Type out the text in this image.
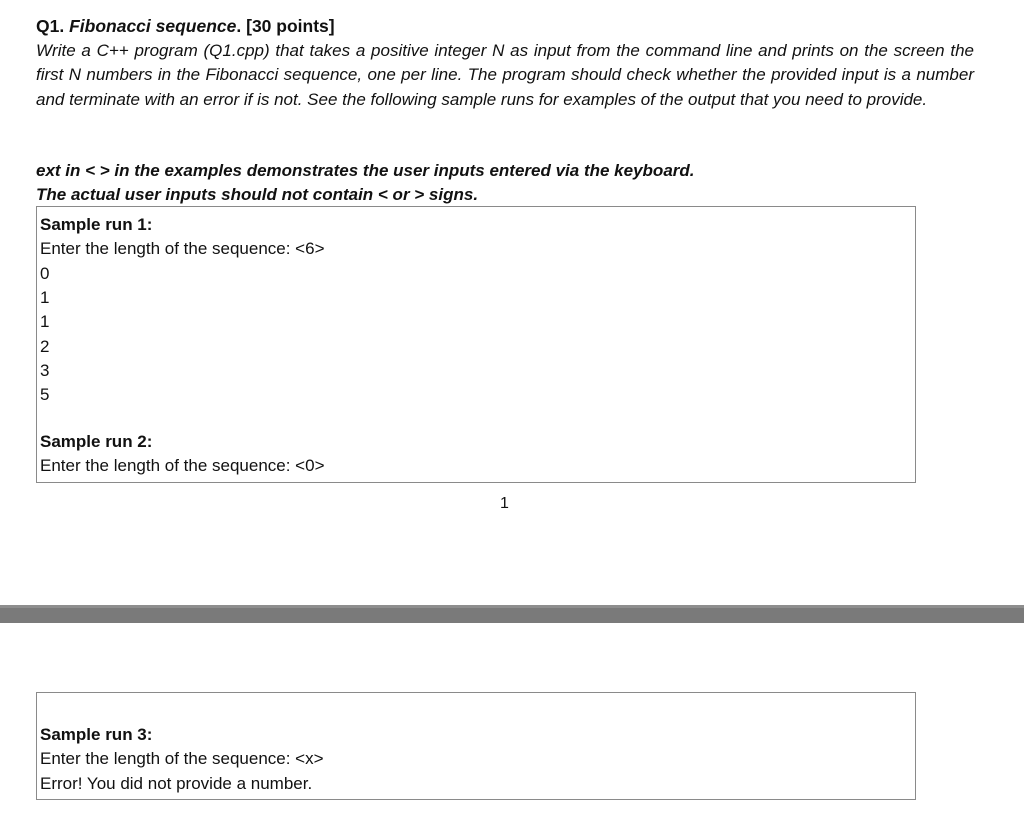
Q1. Fibonacci sequence. [30 points]
Write a C++ program (Q1.cpp) that takes a positive integer N as input from the command line and prints on the screen the first N numbers in the Fibonacci sequence, one per line. The program should check whether the provided input is a number and terminate with an error if is not. See the following sample runs for examples of the output that you need to provide.
ext in < > in the examples demonstrates the user inputs entered via the keyboard.
The actual user inputs should not contain < or > signs.
Sample run 1:
Enter the length of the sequence: <6>
0
1
1
2
3
5
Sample run 2:
Enter the length of the sequence: <0>
1
Sample run 3:
Enter the length of the sequence: <x>
Error! You did not provide a number.
